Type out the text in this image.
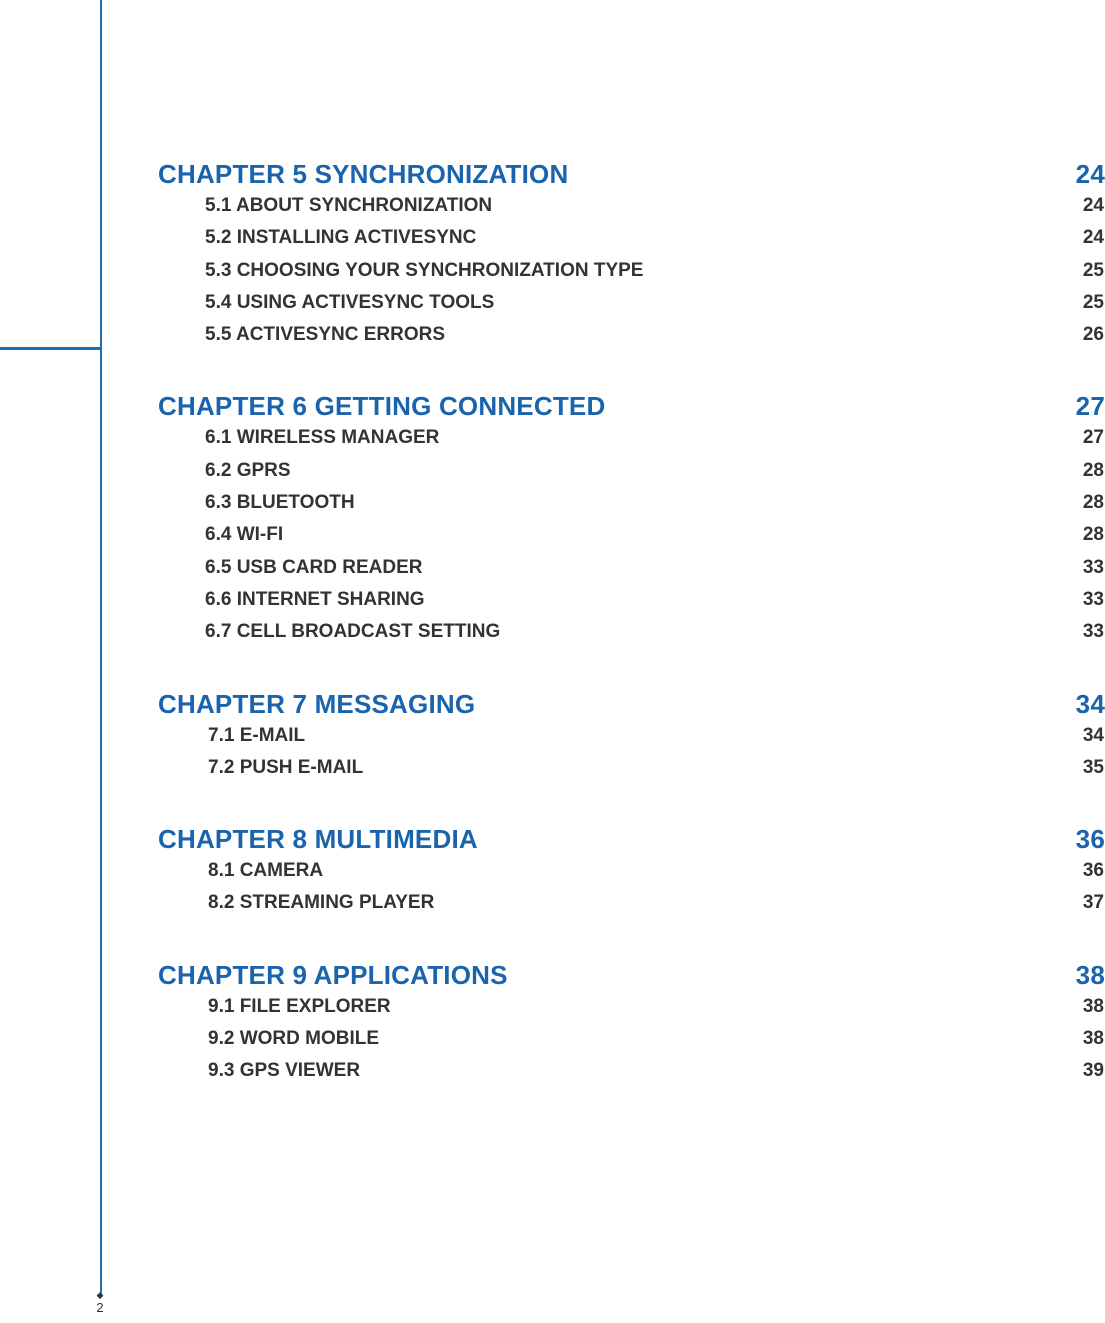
CHAPTER 5 SYNCHRONIZATION	24
5.1 ABOUT SYNCHRONIZATION	24
5.2 INSTALLING ACTIVESYNC	24
5.3 CHOOSING YOUR SYNCHRONIZATION TYPE	25
5.4 USING ACTIVESYNC TOOLS	25
5.5 ACTIVESYNC ERRORS	26
CHAPTER 6 GETTING CONNECTED	27
6.1 WIRELESS MANAGER	27
6.2 GPRS	28
6.3 BLUETOOTH	28
6.4 WI-FI	28
6.5 USB CARD READER	33
6.6 INTERNET SHARING	33
6.7 CELL BROADCAST SETTING	33
CHAPTER 7 MESSAGING	34
7.1 E-MAIL	34
7.2 PUSH E-MAIL	35
CHAPTER 8 MULTIMEDIA	36
8.1 CAMERA	36
8.2 STREAMING PLAYER	37
CHAPTER 9 APPLICATIONS	38
9.1 FILE EXPLORER	38
9.2 WORD MOBILE	38
9.3 GPS VIEWER	39
◆
2
